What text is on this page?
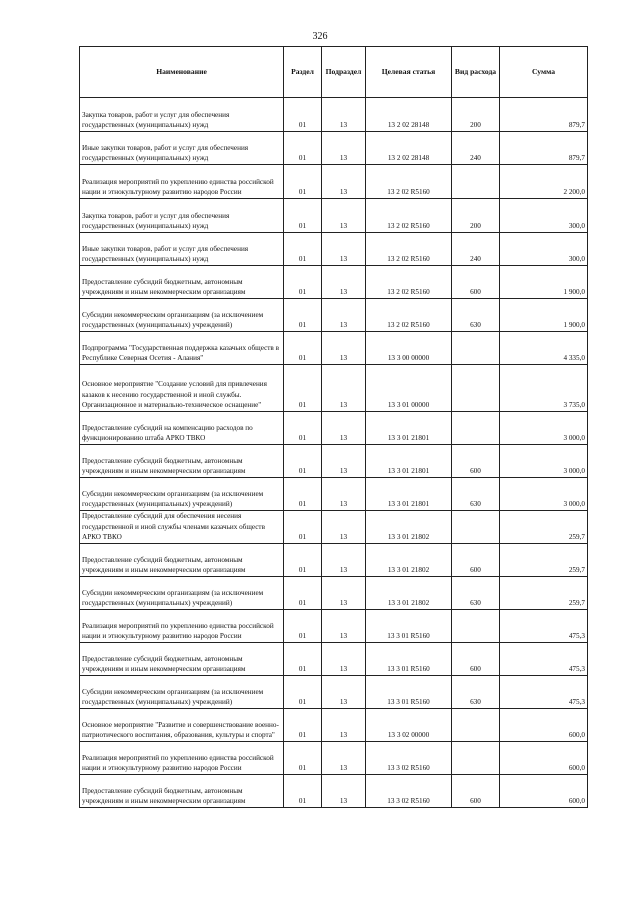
326
Наименование	Раздел	Подраздел	Целевая статья	Вид расхода	Сумма
Закупка товаров, работ и услуг для обеспечения государственных (муниципальных) нужд	01	13	13 2 02 28148	200	879,7
Иные закупки товаров, работ и услуг для обеспечения государственных (муниципальных) нужд	01	13	13 2 02 28148	240	879,7
Реализация мероприятий по укреплению единства российской нации и этнокультурному развитию народов России	01	13	13 2 02 R5160		2 200,0
Закупка товаров, работ и услуг для обеспечения государственных (муниципальных) нужд	01	13	13 2 02 R5160	200	300,0
Иные закупки товаров, работ и услуг для обеспечения государственных (муниципальных) нужд	01	13	13 2 02 R5160	240	300,0
Предоставление субсидий бюджетным, автономным учреждениям и иным некоммерческим организациям	01	13	13 2 02 R5160	600	1 900,0
Субсидии некоммерческим организациям (за исключением государственных (муниципальных) учреждений)	01	13	13 2 02 R5160	630	1 900,0
Подпрограмма "Государственная поддержка казачьих обществ в Республике Северная Осетия - Алания"	01	13	13 3 00 00000		4 335,0
Основное мероприятие "Создание условий для привлечения казаков к несению государственной и иной службы. Организационное и материально-техническое оснащение"	01	13	13 3 01 00000		3 735,0
Предоставление субсидий на компенсацию расходов по функционированию штаба АРКО ТВКО	01	13	13 3 01 21801		3 000,0
Предоставление субсидий бюджетным, автономным учреждениям и иным некоммерческим организациям	01	13	13 3 01 21801	600	3 000,0
Субсидии некоммерческим организациям (за исключением государственных (муниципальных) учреждений)	01	13	13 3 01 21801	630	3 000,0
Предоставление субсидий для обеспечения несения государственной и иной службы членами казачьих обществ АРКО ТВКО	01	13	13 3 01 21802		259,7
Предоставление субсидий бюджетным, автономным учреждениям и иным некоммерческим организациям	01	13	13 3 01 21802	600	259,7
Субсидии некоммерческим организациям (за исключением государственных (муниципальных) учреждений)	01	13	13 3 01 21802	630	259,7
Реализация мероприятий по укреплению единства российской нации и этнокультурному развитию народов России	01	13	13 3 01 R5160		475,3
Предоставление субсидий бюджетным, автономным учреждениям и иным некоммерческим организациям	01	13	13 3 01 R5160	600	475,3
Субсидии некоммерческим организациям (за исключением государственных (муниципальных) учреждений)	01	13	13 3 01 R5160	630	475,3
Основное мероприятие "Развитие и совершенствование военно-патриотического воспитания, образования, культуры и спорта"	01	13	13 3 02 00000		600,0
Реализация мероприятий по укреплению единства российской нации и этнокультурному развитию народов России	01	13	13 3 02 R5160		600,0
Предоставление субсидий бюджетным, автономным учреждениям и иным некоммерческим организациям	01	13	13 3 02 R5160	600	600,0
